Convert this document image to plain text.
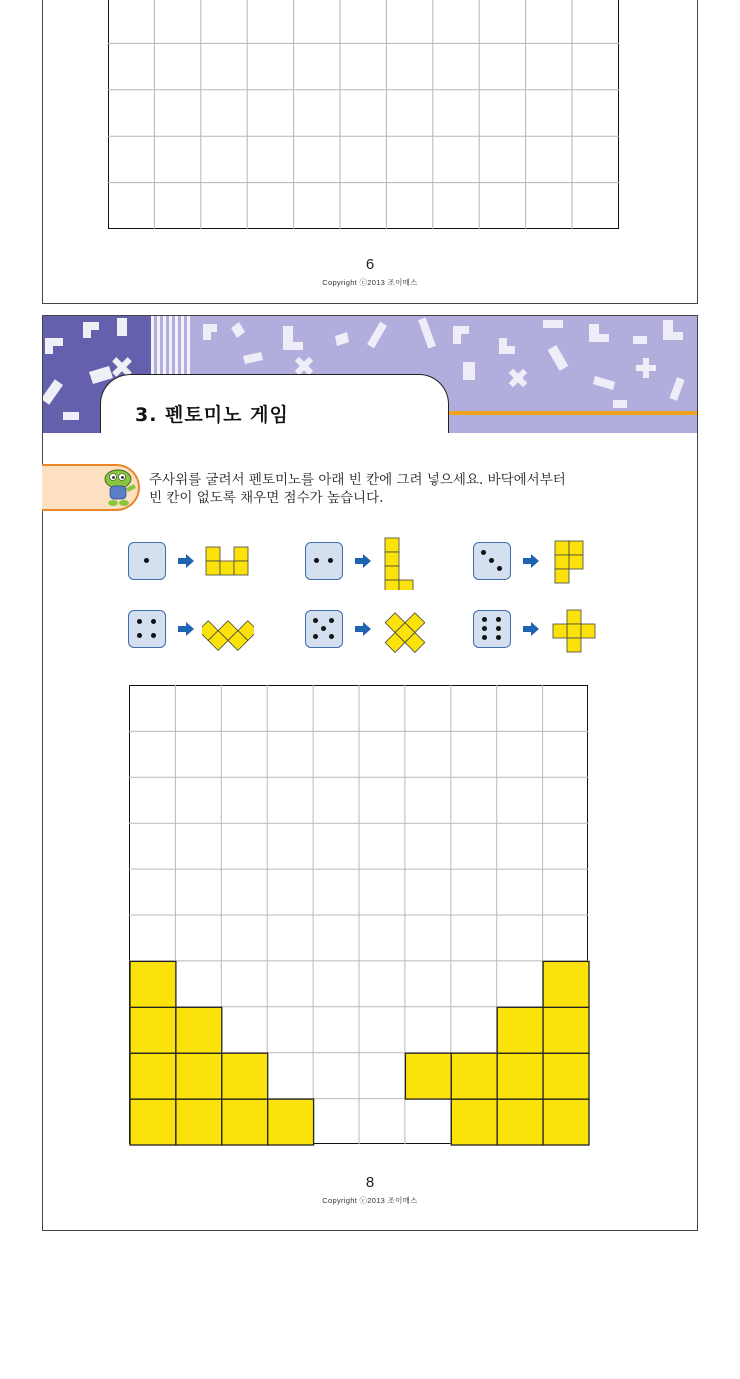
6
Copyright ⓒ2013 조이매스
3. 펜토미노 게임
주사위를 굴려서 펜토미노를 아래 빈 칸에 그려 넣으세요. 바닥에서부터
빈 칸이 없도록 채우면 점수가 높습니다.
8
Copyright ⓒ2013 조이매스
